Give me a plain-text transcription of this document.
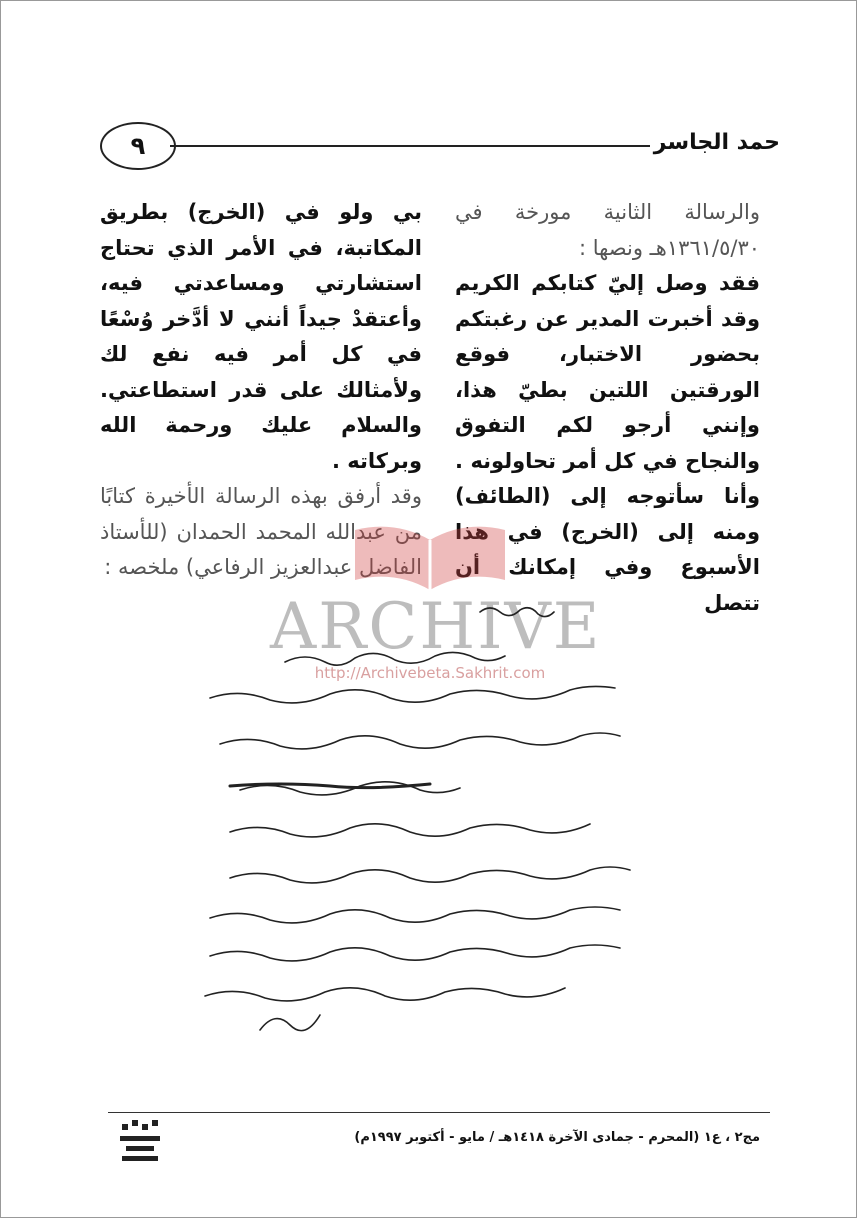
حمد الجاسر
٩

والرسالة الثانية مورخة في ١٣٦١/٥/٣٠هـ ونصها :

فقد وصل إليّ كتابكم الكريم وقد أخبرت المدير عن رغبتكم بحضور الاختبار، فوقع الورقتين اللتين بطيّ هذا، وإنني أرجو لكم التفوق والنجاح في كل أمر تحاولونه . وأنا سأتوجه إلى (الطائف) ومنه إلى (الخرج) في هذا الأسبوع وفي إمكانك أن تتصل

بي ولو في (الخرج) بطريق المكاتبة، في الأمر الذي تحتاج استشارتي ومساعدتي فيه، وأعتقدْ جيداً أنني لا أدَّخر وُسْعًا في كل أمر فيه نفع لك ولأمثالك على قدر استطاعتي. والسلام عليك ورحمة الله وبركاته .

وقد أرفق بهذه الرسالة الأخيرة كتابًا من عبدالله المحمد الحمدان (للأستاذ الفاضل عبدالعزيز الرفاعي) ملخصه :

ARCHIVE
http://Archivebeta.Sakhrit.com
مج٢ ، ع١ (المحرم - جمادى الآخرة ١٤١٨هـ / مايو - أكتوبر ١٩٩٧م)
